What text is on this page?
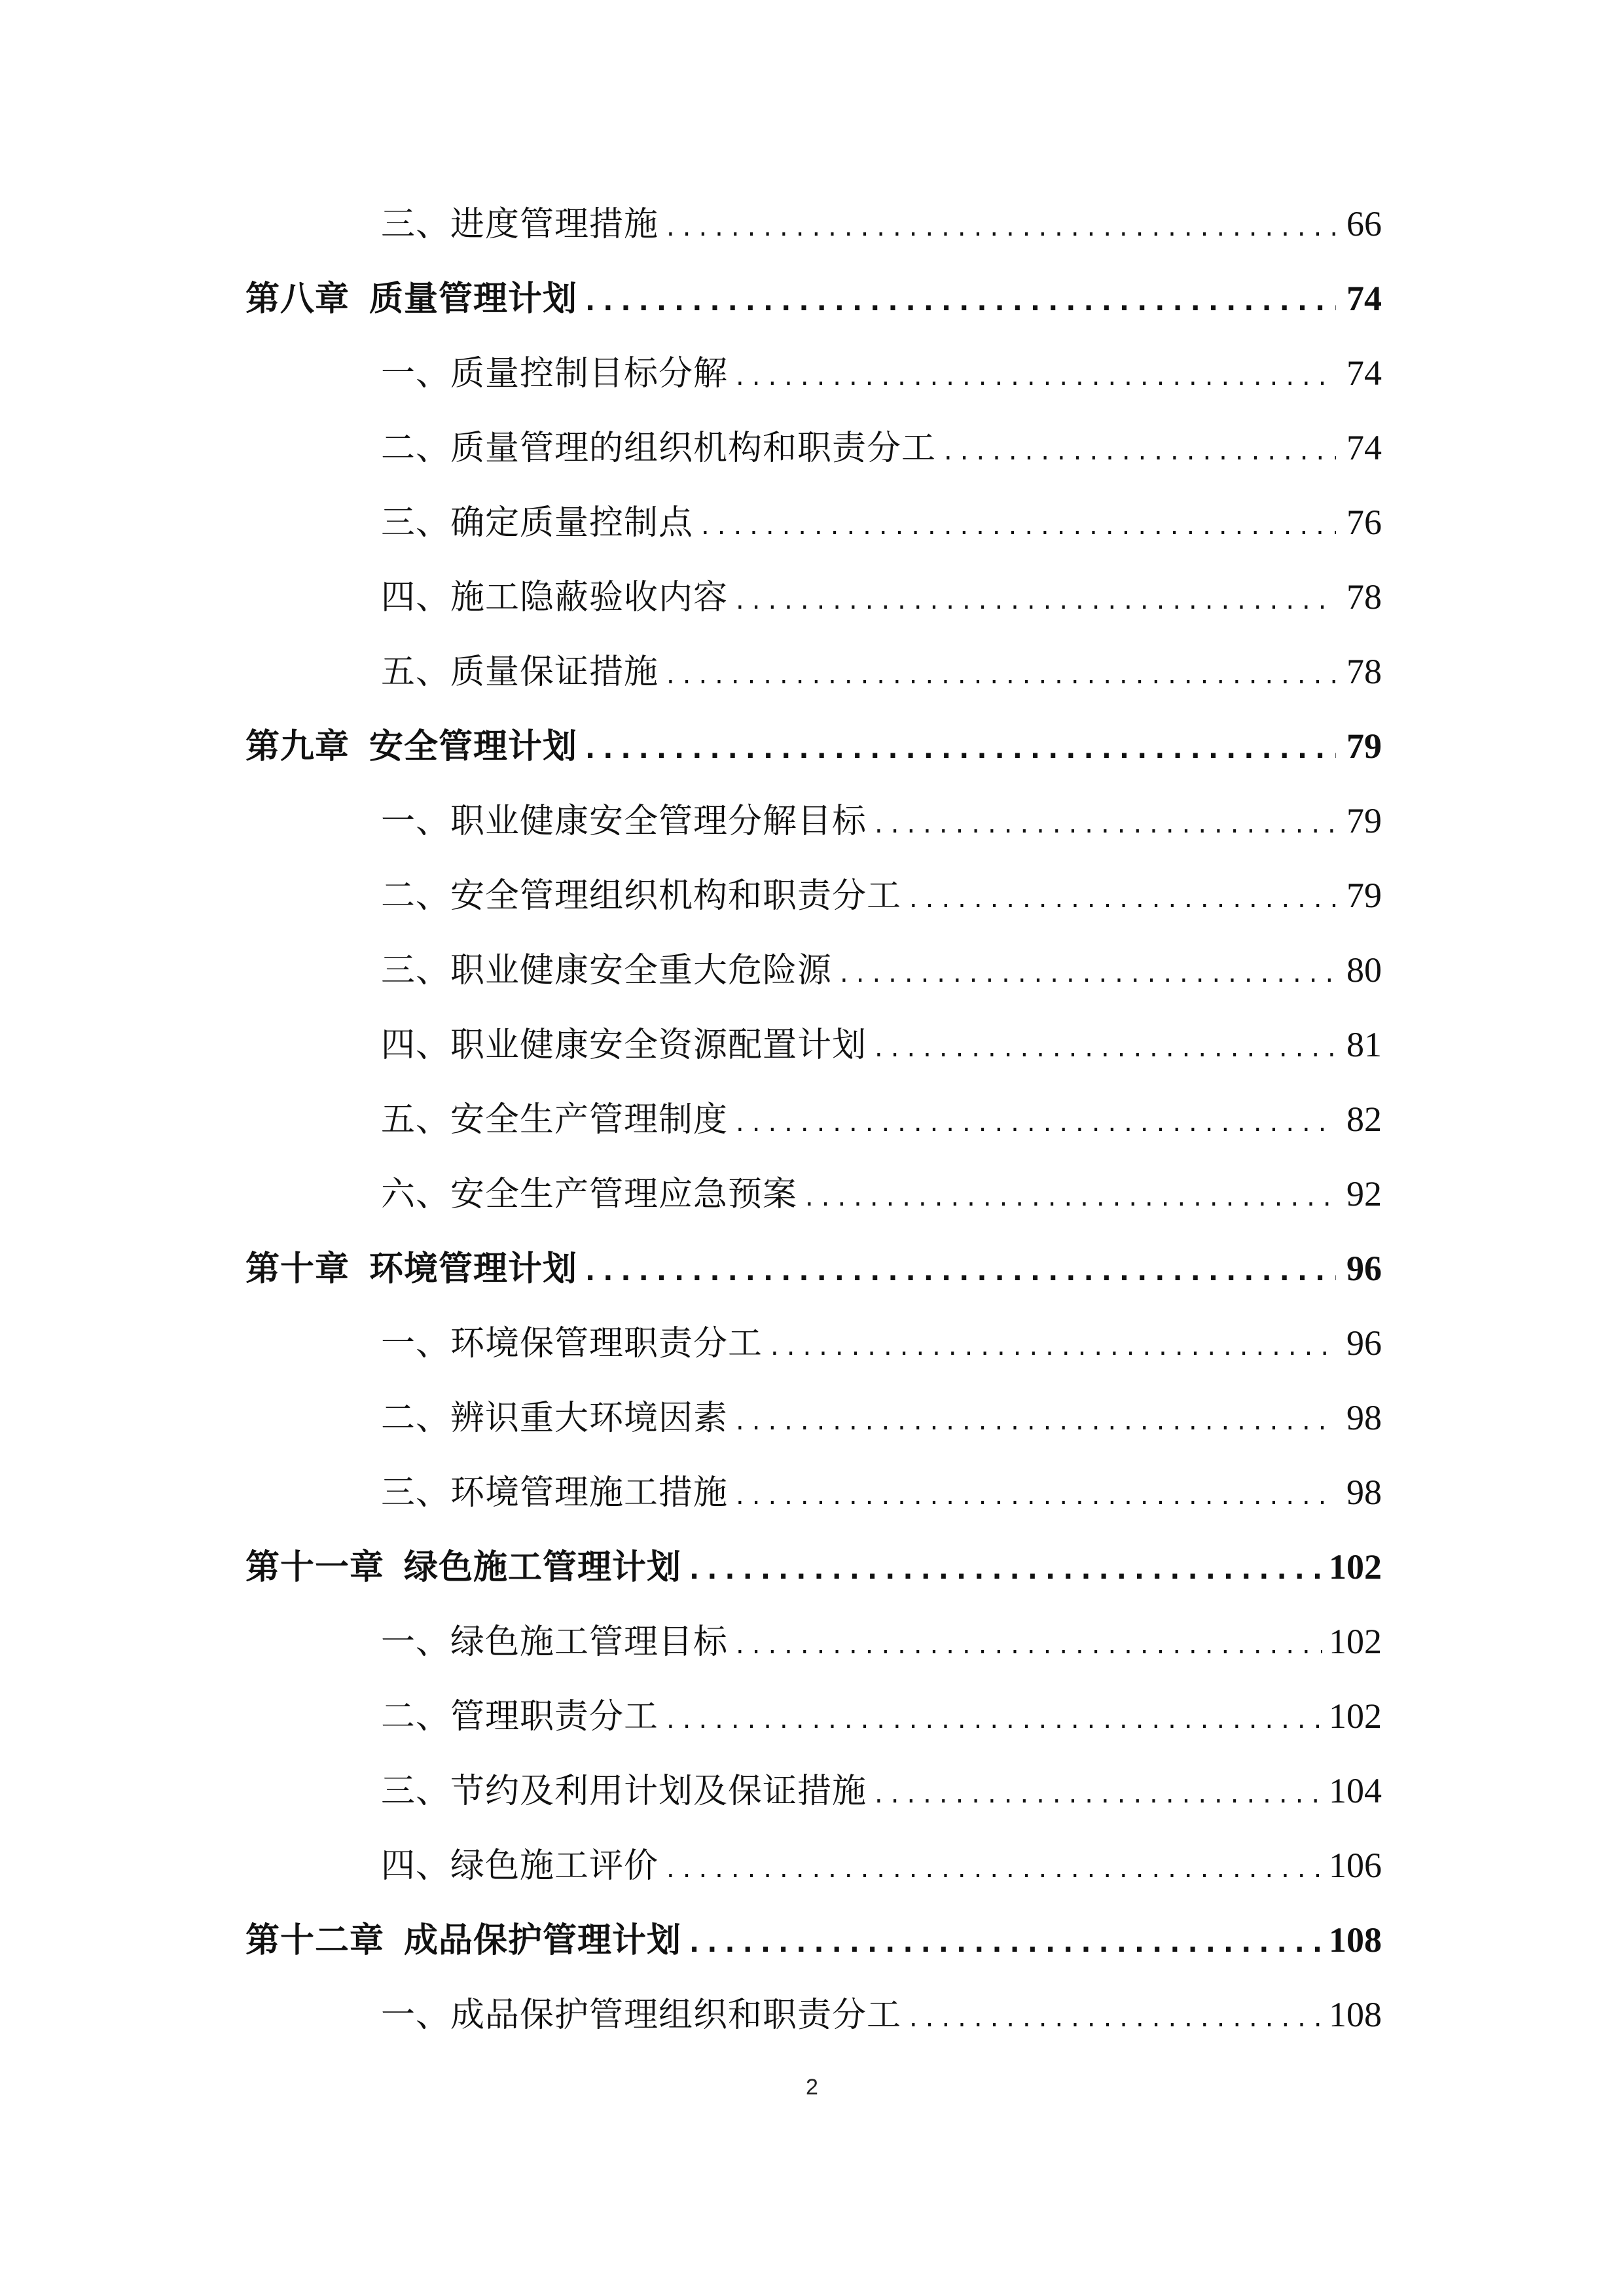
三、进度管理措施 .....	66
第八章 质量管理计划 .....	74
一、质量控制目标分解 .....	74
二、质量管理的组织机构和职责分工 .....	74
三、确定质量控制点 .....	76
四、施工隐蔽验收内容 .....	78
五、质量保证措施 .....	78
第九章 安全管理计划 .....	79
一、职业健康安全管理分解目标 .....	79
二、安全管理组织机构和职责分工 .....	79
三、职业健康安全重大危险源 .....	80
四、职业健康安全资源配置计划 .....	81
五、安全生产管理制度 .....	82
六、安全生产管理应急预案 .....	92
第十章 环境管理计划 .....	96
一、环境保管理职责分工 .....	96
二、辨识重大环境因素 .....	98
三、环境管理施工措施 .....	98
第十一章 绿色施工管理计划 .....	102
一、绿色施工管理目标 .....	102
二、管理职责分工 .....	102
三、节约及利用计划及保证措施 .....	104
四、绿色施工评价 .....	106
第十二章 成品保护管理计划 .....	108
一、成品保护管理组织和职责分工 .....	108
2
